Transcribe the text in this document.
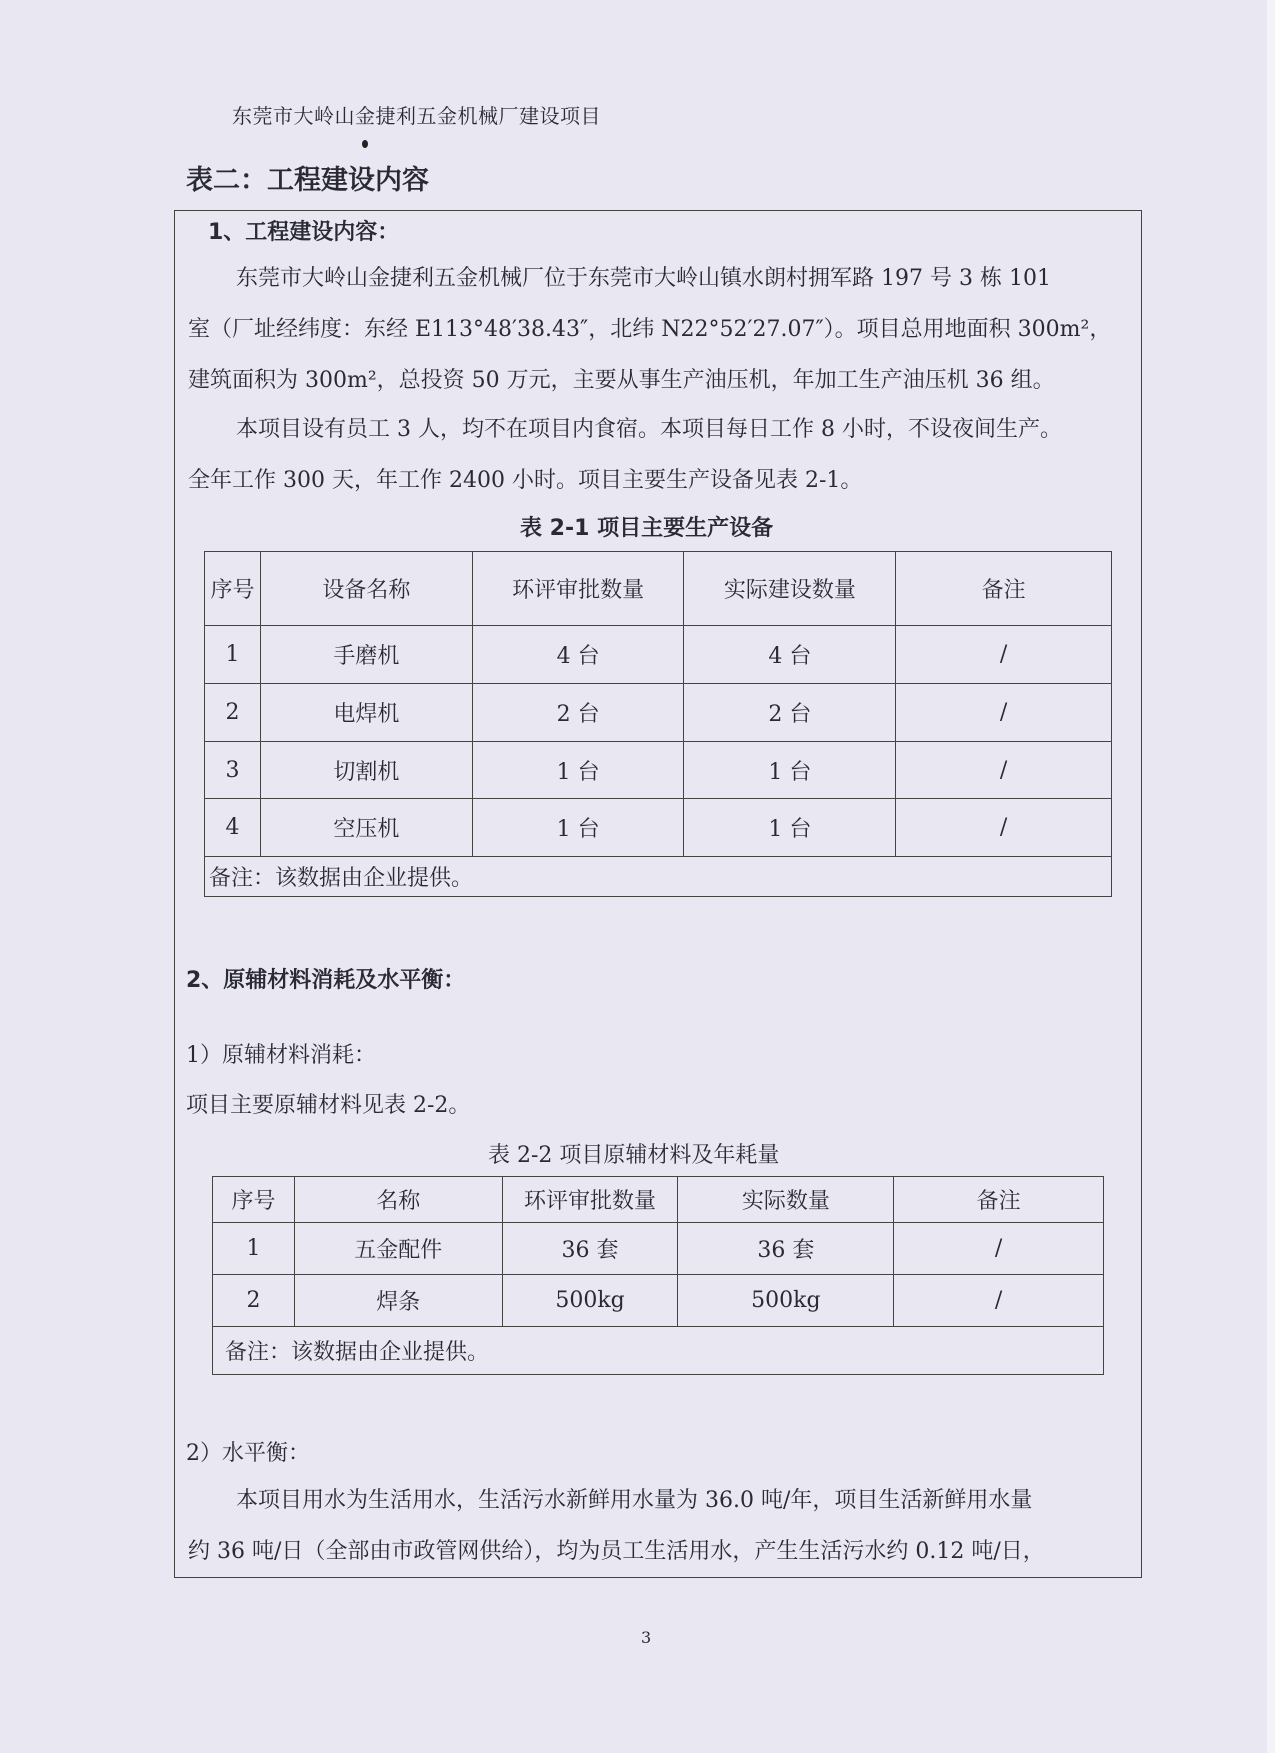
东莞市大岭山金捷利五金机械厂建设项目
表二：工程建设内容
1、工程建设内容：

东莞市大岭山金捷利五金机械厂位于东莞市大岭山镇水朗村拥军路 197 号 3 栋 101

室（厂址经纬度：东经 E113°48′38.43″，北纬 N22°52′27.07″）。项目总用地面积 300m²，

建筑面积为 300m²，总投资 50 万元，主要从事生产油压机，年加工生产油压机 36 组。

本项目设有员工 3 人，均不在项目内食宿。本项目每日工作 8 小时，不设夜间生产。

全年工作 300 天，年工作 2400 小时。项目主要生产设备见表 2-1。

表 2-1 项目主要生产设备
序号	设备名称	环评审批数量	实际建设数量	备注
1	手磨机	4 台	4 台	/
2	电焊机	2 台	2 台	/
3	切割机	1 台	1 台	/
4	空压机	1 台	1 台	/
备注：该数据由企业提供。				
2、原辅材料消耗及水平衡：
1）原辅材料消耗：
项目主要原辅材料见表 2-2。
表 2-2 项目原辅材料及年耗量
序号	名称	环评审批数量	实际数量	备注
1	五金配件	36 套	36 套	/
2	焊条	500kg	500kg	/
备注：该数据由企业提供。				
2）水平衡：

本项目用水为生活用水，生活污水新鲜用水量为 36.0 吨/年，项目生活新鲜用水量

约 36 吨/日（全部由市政管网供给），均为员工生活用水，产生生活污水约 0.12 吨/日，

3
